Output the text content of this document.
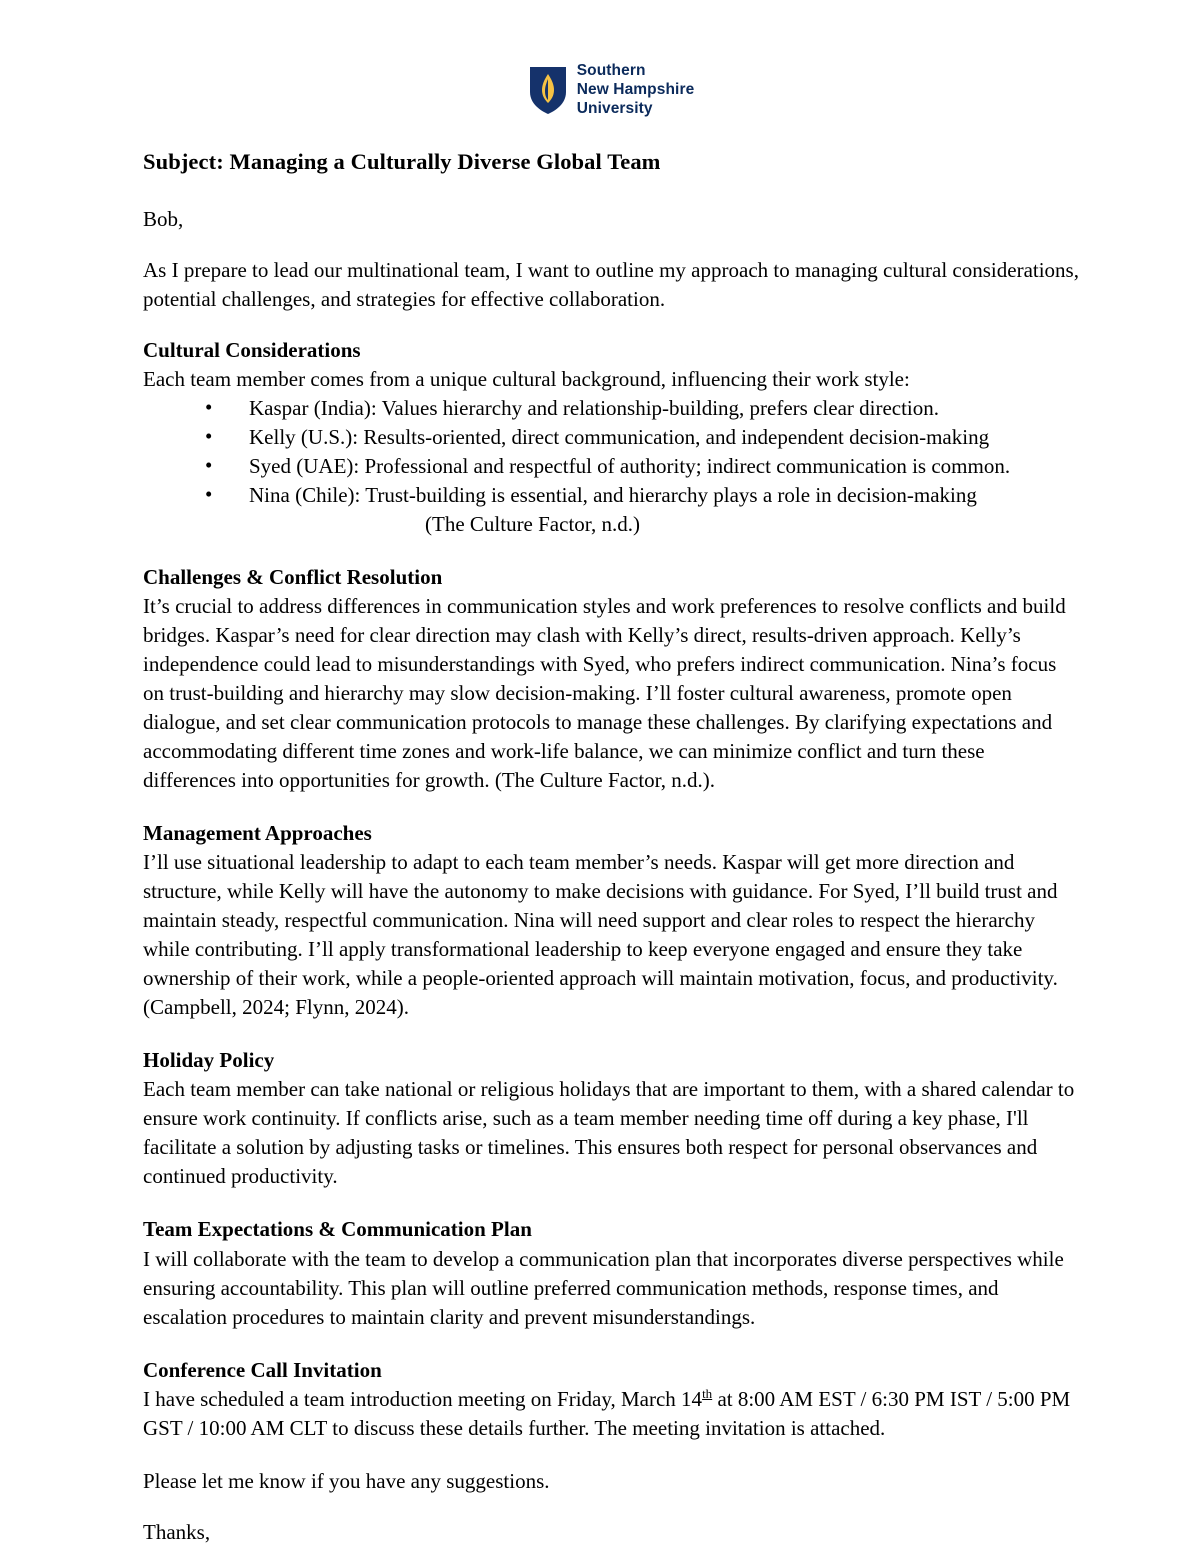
Southern
New Hampshire
University
Subject: Managing a Culturally Diverse Global Team

Bob,

As I prepare to lead our multinational team, I want to outline my approach to managing cultural considerations, potential challenges, and strategies for effective collaboration.

Cultural Considerations

Each team member comes from a unique cultural background, influencing their work style:

• Kaspar (India): Values hierarchy and relationship-building, prefers clear direction.
• Kelly (U.S.): Results-oriented, direct communication, and independent decision-making
• Syed (UAE): Professional and respectful of authority; indirect communication is common.
• Nina (Chile): Trust-building is essential, and hierarchy plays a role in decision-making
(The Culture Factor, n.d.)
Challenges & Conflict Resolution

It’s crucial to address differences in communication styles and work preferences to resolve conflicts and build bridges. Kaspar’s need for clear direction may clash with Kelly’s direct, results-driven approach. Kelly’s independence could lead to misunderstandings with Syed, who prefers indirect communication. Nina’s focus on trust-building and hierarchy may slow decision-making. I’ll foster cultural awareness, promote open dialogue, and set clear communication protocols to manage these challenges. By clarifying expectations and accommodating different time zones and work-life balance, we can minimize conflict and turn these differences into opportunities for growth. (The Culture Factor, n.d.).

Management Approaches

I’ll use situational leadership to adapt to each team member’s needs. Kaspar will get more direction and structure, while Kelly will have the autonomy to make decisions with guidance. For Syed, I’ll build trust and maintain steady, respectful communication. Nina will need support and clear roles to respect the hierarchy while contributing. I’ll apply transformational leadership to keep everyone engaged and ensure they take ownership of their work, while a people-oriented approach will maintain motivation, focus, and productivity. (Campbell, 2024; Flynn, 2024).

Holiday Policy

Each team member can take national or religious holidays that are important to them, with a shared calendar to ensure work continuity. If conflicts arise, such as a team member needing time off during a key phase, I'll facilitate a solution by adjusting tasks or timelines. This ensures both respect for personal observances and continued productivity.

Team Expectations & Communication Plan

I will collaborate with the team to develop a communication plan that incorporates diverse perspectives while ensuring accountability. This plan will outline preferred communication methods, response times, and escalation procedures to maintain clarity and prevent misunderstandings.

Conference Call Invitation

I have scheduled a team introduction meeting on Friday, March 14th at 8:00 AM EST / 6:30 PM IST / 5:00 PM GST / 10:00 AM CLT to discuss these details further. The meeting invitation is attached.

Please let me know if you have any suggestions.

Thanks,
